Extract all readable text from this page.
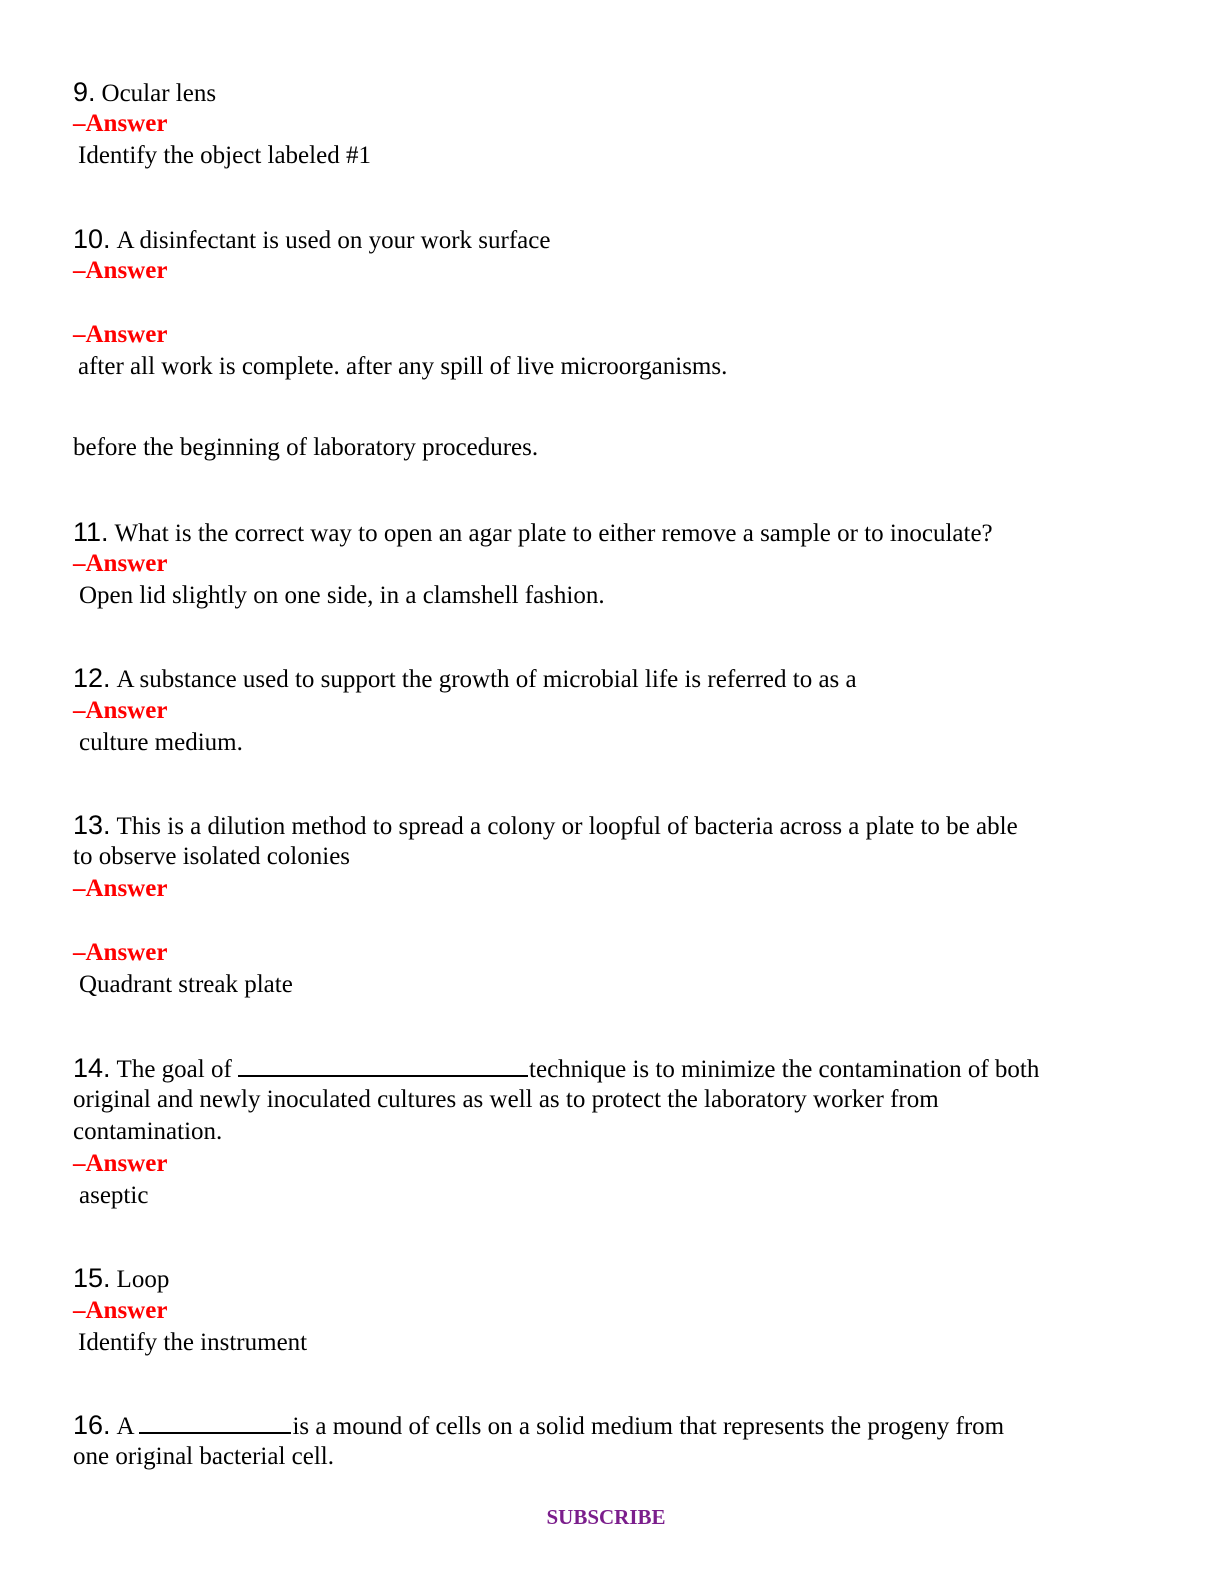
9. Ocular lens
–Answer
Identify the object labeled #1
10. A disinfectant is used on your work surface
–Answer
–Answer
after all work is complete. after any spill of live microorganisms.
before the beginning of laboratory procedures.
11. What is the correct way to open an agar plate to either remove a sample or to inoculate?
–Answer
Open lid slightly on one side, in a clamshell fashion.
12. A substance used to support the growth of microbial life is referred to as a
–Answer
culture medium.
13. This is a dilution method to spread a colony or loopful of bacteria across a plate to be able
to observe isolated colonies
–Answer
–Answer
Quadrant streak plate
14. The goal of	technique is to minimize the contamination of both
original and newly inoculated cultures as well as to protect the laboratory worker from
contamination.
–Answer
aseptic
15. Loop
–Answer
Identify the instrument
16. A	is a mound of cells on a solid medium that represents the progeny from
one original bacterial cell.
SUBSCRIBE
